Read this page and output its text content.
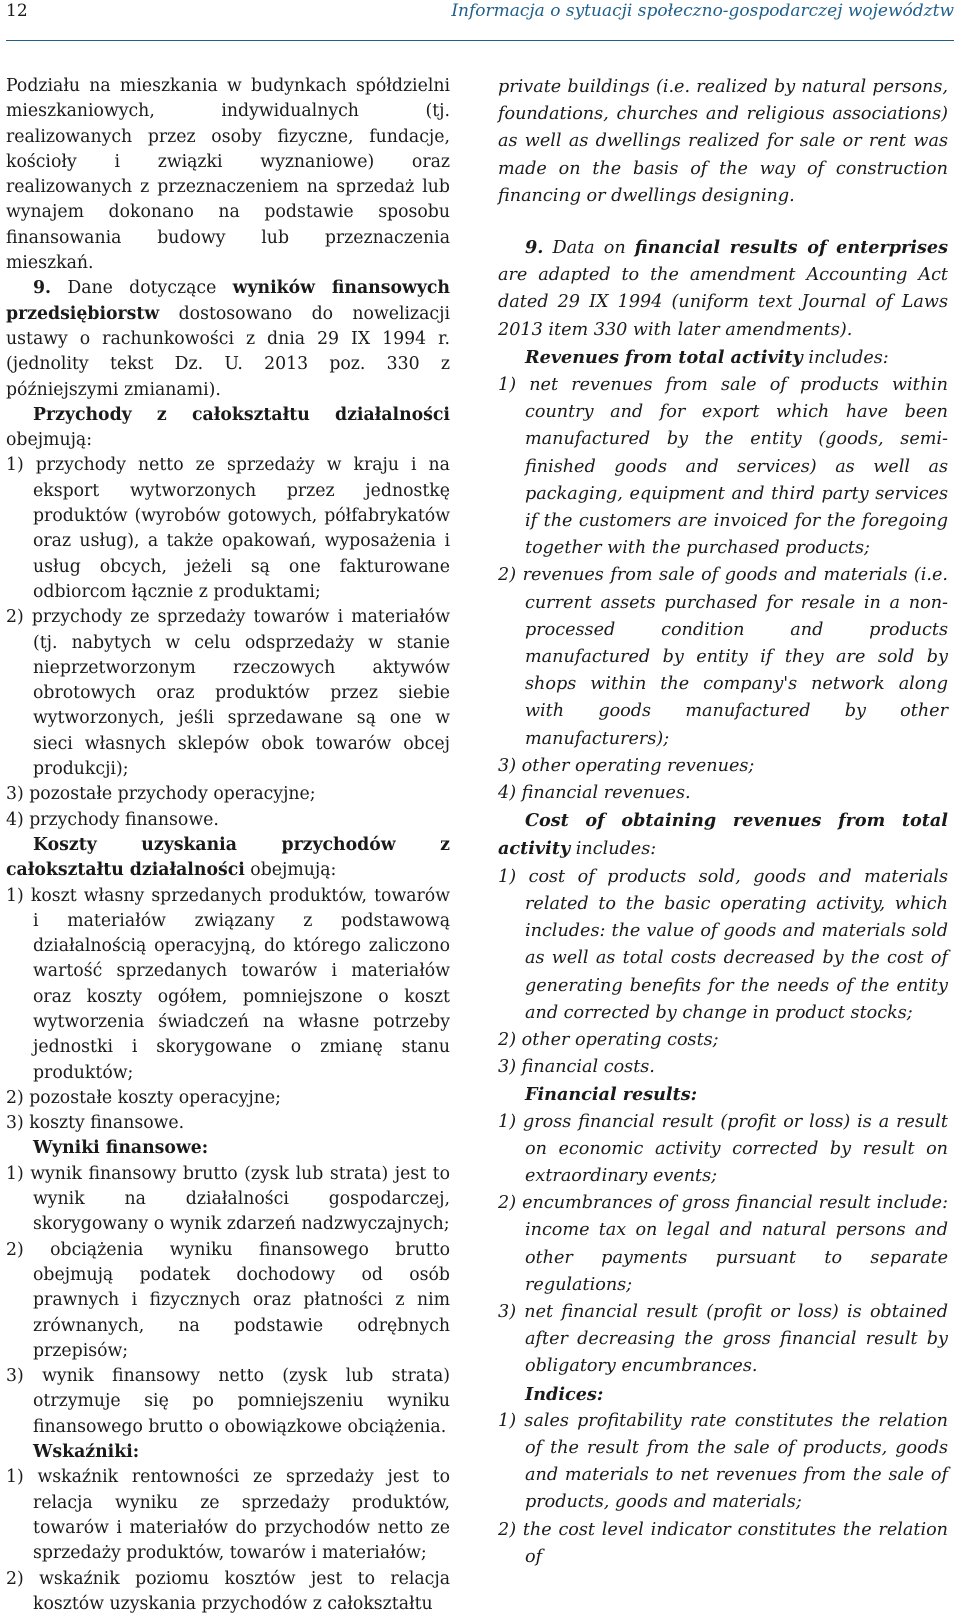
12	Informacja o sytuacji społeczno-gospodarczej województw

Podziału na mieszkania w budynkach spółdzielni mieszkaniowych, indywidualnych (tj. realizowanych przez osoby fizyczne, fundacje, kościoły i związki wyznaniowe) oraz realizowanych z przeznaczeniem na sprzedaż lub wynajem dokonano na podstawie sposobu finansowania budowy lub przeznaczenia mieszkań.

9. Dane dotyczące wyników finansowych przedsiębiorstw dostosowano do nowelizacji ustawy o rachunkowości z dnia 29 IX 1994 r. (jednolity tekst Dz. U. 2013 poz. 330 z późniejszymi zmianami).

Przychody z całokształtu działalności obejmują:

1) przychody netto ze sprzedaży w kraju i na eksport wytworzonych przez jednostkę produktów (wyrobów gotowych, półfabrykatów oraz usług), a także opakowań, wyposażenia i usług obcych, jeżeli są one fakturowane odbiorcom łącznie z produktami;

2) przychody ze sprzedaży towarów i materiałów (tj. nabytych w celu odsprzedaży w stanie nieprzetworzonym rzeczowych aktywów obrotowych oraz produktów przez siebie wytworzonych, jeśli sprzedawane są one w sieci własnych sklepów obok towarów obcej produkcji);

3) pozostałe przychody operacyjne;

4) przychody finansowe.

Koszty uzyskania przychodów z całokształtu działalności obejmują:

1) koszt własny sprzedanych produktów, towarów i materiałów związany z podstawową działalnością operacyjną, do którego zaliczono wartość sprzedanych towarów i materiałów oraz koszty ogółem, pomniejszone o koszt wytworzenia świadczeń na własne potrzeby jednostki i skorygowane o zmianę stanu produktów;

2) pozostałe koszty operacyjne;

3) koszty finansowe.

Wyniki finansowe:

1) wynik finansowy brutto (zysk lub strata) jest to wynik na działalności gospodarczej, skorygowany o wynik zdarzeń nadzwyczajnych;

2) obciążenia wyniku finansowego brutto obejmują podatek dochodowy od osób prawnych i fizycznych oraz płatności z nim zrównanych, na podstawie odrębnych przepisów;

3) wynik finansowy netto (zysk lub strata) otrzymuje się po pomniejszeniu wyniku finansowego brutto o obowiązkowe obciążenia.

Wskaźniki:

1) wskaźnik rentowności ze sprzedaży jest to relacja wyniku ze sprzedaży produktów, towarów i materiałów do przychodów netto ze sprzedaży produktów, towarów i materiałów;

2) wskaźnik poziomu kosztów jest to relacja kosztów uzyskania przychodów z całokształtu

private buildings (i.e. realized by natural persons, foundations, churches and religious associations) as well as dwellings realized for sale or rent was made on the basis of the way of construction financing or dwellings designing.

9. Data on financial results of enterprises are adapted to the amendment Accounting Act dated 29 IX 1994 (uniform text Journal of Laws 2013 item 330 with later amendments).

Revenues from total activity includes:

1) net revenues from sale of products within country and for export which have been manufactured by the entity (goods, semi-finished goods and services) as well as packaging, equipment and third party services if the customers are invoiced for the foregoing together with the purchased products;

2) revenues from sale of goods and materials (i.e. current assets purchased for resale in a non-processed condition and products manufactured by entity if they are sold by shops within the company's network along with goods manufactured by other manufacturers);

3) other operating revenues;

4) financial revenues.

Cost of obtaining revenues from total activity includes:

1) cost of products sold, goods and materials related to the basic operating activity, which includes: the value of goods and materials sold as well as total costs decreased by the cost of generating benefits for the needs of the entity and corrected by change in product stocks;

2) other operating costs;

3) financial costs.

Financial results:

1) gross financial result (profit or loss) is a result on economic activity corrected by result on extraordinary events;

2) encumbrances of gross financial result include: income tax on legal and natural persons and other payments pursuant to separate regulations;

3) net financial result (profit or loss) is obtained after decreasing the gross financial result by obligatory encumbrances.

Indices:

1) sales profitability rate constitutes the relation of the result from the sale of products, goods and materials to net revenues from the sale of products, goods and materials;

2) the cost level indicator constitutes the relation of
